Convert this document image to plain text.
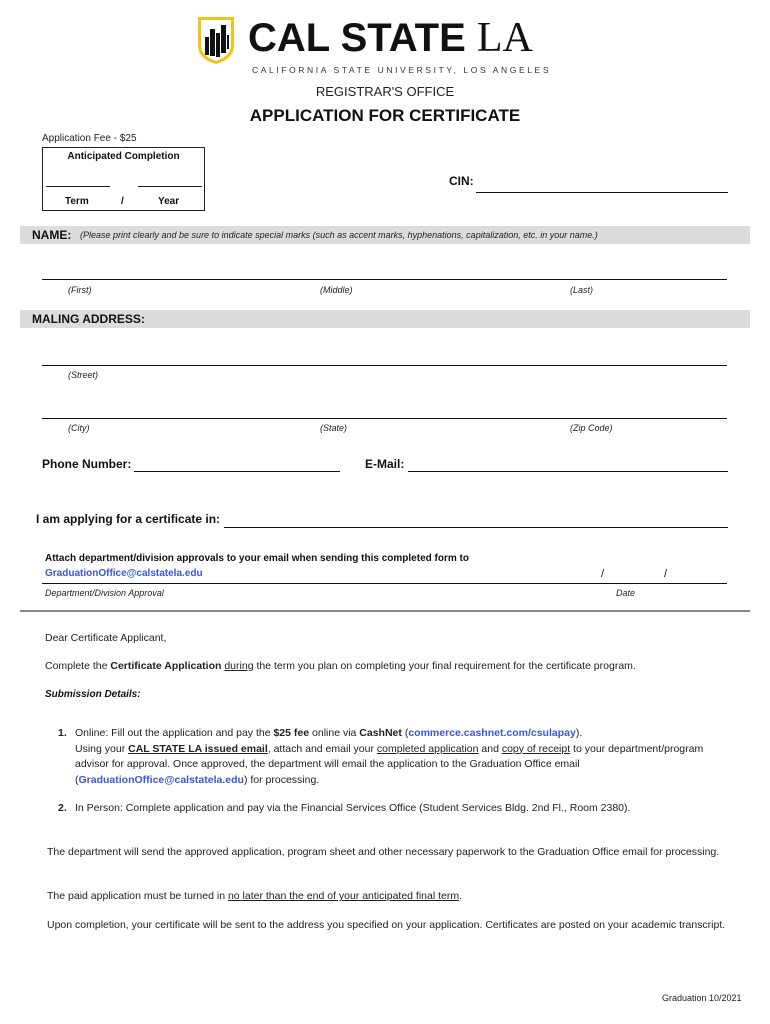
CAL STATE LA
CALIFORNIA STATE UNIVERSITY, LOS ANGELES
REGISTRAR'S OFFICE
APPLICATION FOR CERTIFICATE
Application Fee - $25
Anticipated Completion
Term	/	Year
CIN:
NAME: (Please print clearly and be sure to indicate special marks (such as accent marks, hyphenations, capitalization, etc. in your name.)
(First)	(Middle)	(Last)
MALING ADDRESS:
(Street)
(City)	(State)	(Zip Code)
Phone Number:	E-Mail:
I am applying for a certificate in:
Attach department/division approvals to your email when sending this completed form to
GraduationOffice@calstatela.edu	/	/
Department/Division Approval	Date
Dear Certificate Applicant,
Complete the Certificate Application during the term you plan on completing your final requirement for the certificate program.
Submission Details:
1. Online: Fill out the application and pay the $25 fee online via CashNet (commerce.cashnet.com/csulapay).
Using your CAL STATE LA issued email, attach and email your completed application and copy of receipt to your department/program advisor for approval. Once approved, the department will email the application to the Graduation Office email (GraduationOffice@calstatela.edu) for processing.
2. In Person: Complete application and pay via the Financial Services Office (Student Services Bldg. 2nd Fl., Room 2380).
The department will send the approved application, program sheet and other necessary paperwork to the Graduation Office email for processing.
The paid application must be turned in no later than the end of your anticipated final term.
Upon completion, your certificate will be sent to the address you specified on your application. Certificates are posted on your academic transcript.
Graduation 10/2021
